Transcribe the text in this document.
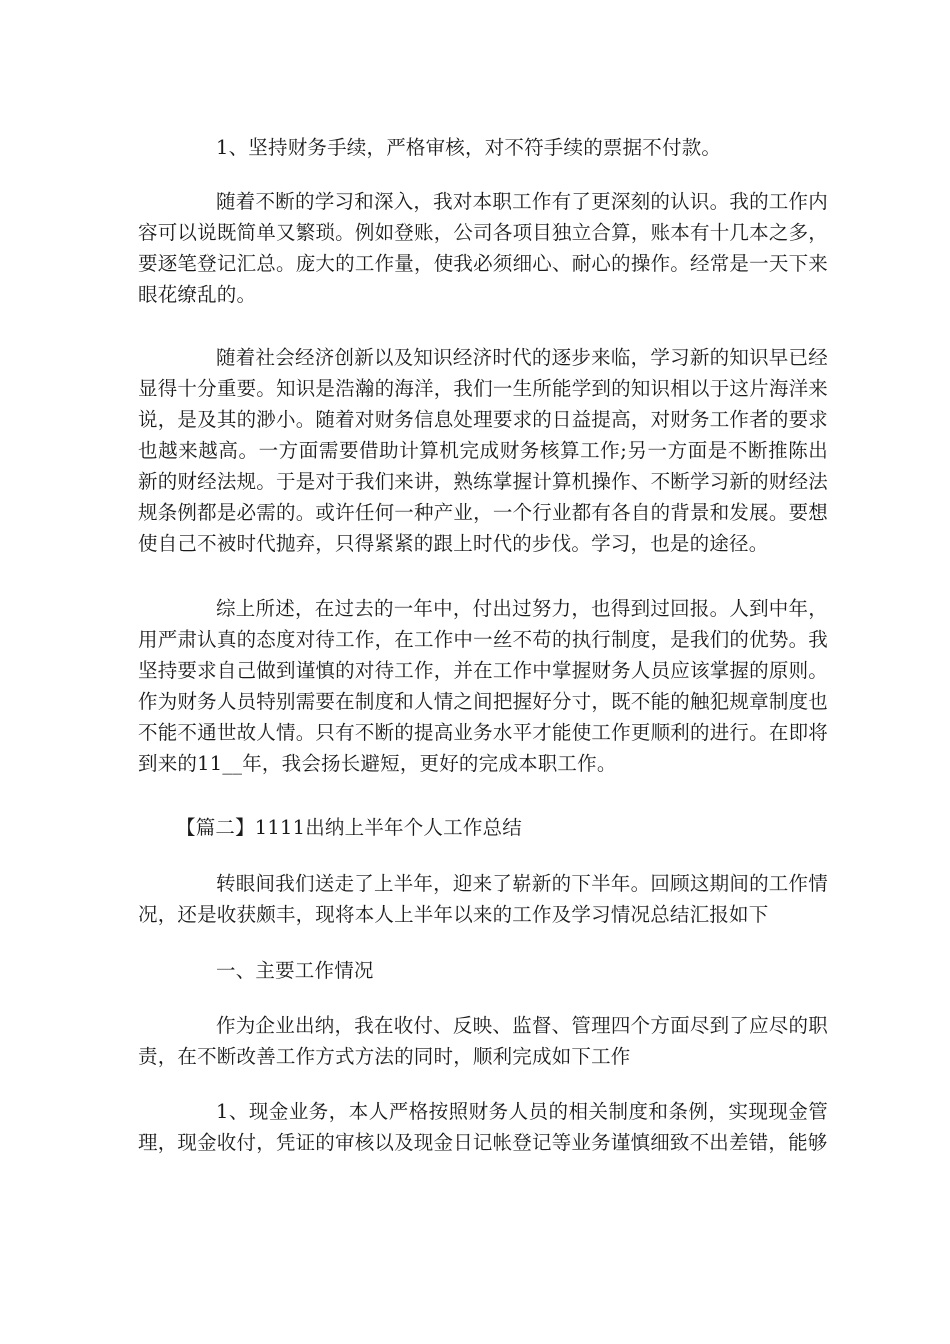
1、坚持财务手续，严格审核，对不符手续的票据不付款。

随着不断的学习和深入，我对本职工作有了更深刻的认识。我的工作内容可以说既简单又繁琐。例如登账，公司各项目独立合算，账本有十几本之多，要逐笔登记汇总。庞大的工作量，使我必须细心、耐心的操作。经常是一天下来眼花缭乱的。

随着社会经济创新以及知识经济时代的逐步来临，学习新的知识早已经显得十分重要。知识是浩瀚的海洋，我们一生所能学到的知识相以于这片海洋来说，是及其的渺小。随着对财务信息处理要求的日益提高，对财务工作者的要求也越来越高。一方面需要借助计算机完成财务核算工作;另一方面是不断推陈出新的财经法规。于是对于我们来讲，熟练掌握计算机操作、不断学习新的财经法规条例都是必需的。或许任何一种产业，一个行业都有各自的背景和发展。要想使自己不被时代抛弃，只得紧紧的跟上时代的步伐。学习，也是的途径。

综上所述，在过去的一年中，付出过努力，也得到过回报。人到中年，用严肃认真的态度对待工作，在工作中一丝不苟的执行制度，是我们的优势。我坚持要求自己做到谨慎的对待工作，并在工作中掌握财务人员应该掌握的原则。作为财务人员特别需要在制度和人情之间把握好分寸，既不能的触犯规章制度也不能不通世故人情。只有不断的提高业务水平才能使工作更顺利的进行。在即将到来的11__年，我会扬长避短，更好的完成本职工作。

【篇二】1111出纳上半年个人工作总结

转眼间我们送走了上半年，迎来了崭新的下半年。回顾这期间的工作情况，还是收获颇丰，现将本人上半年以来的工作及学习情况总结汇报如下

一、主要工作情况

作为企业出纳，我在收付、反映、监督、管理四个方面尽到了应尽的职责，在不断改善工作方式方法的同时，顺利完成如下工作

1、现金业务，本人严格按照财务人员的相关制度和条例，实现现金管理，现金收付，凭证的审核以及现金日记帐登记等业务谨慎细致不出差错，能够
